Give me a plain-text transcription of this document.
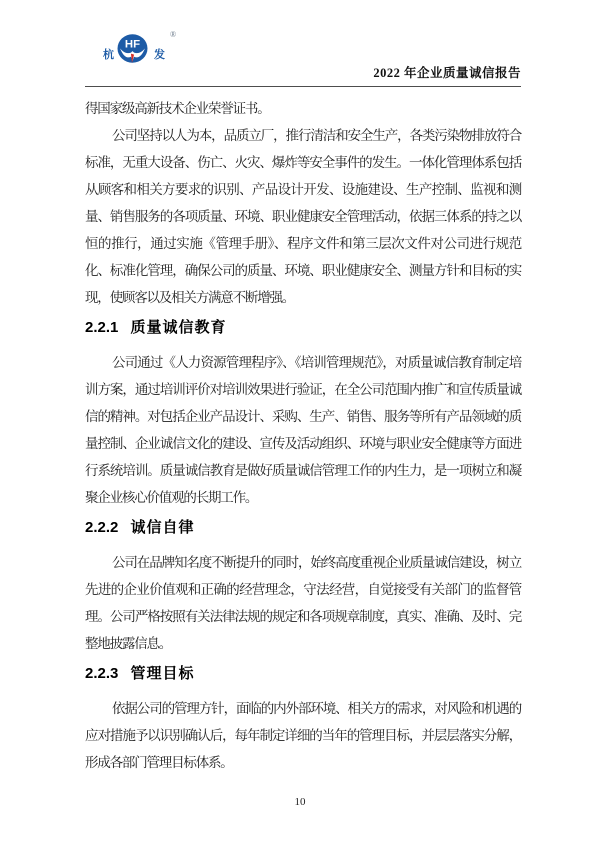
杭
HF
发
®
2022 年企业质量诚信报告

得国家级高新技术企业荣誉证书。

公司坚持以人为本，品质立厂，推行清洁和安全生产，各类污染物排放符合标准，无重大设备、伤亡、火灾、爆炸等安全事件的发生。一体化管理体系包括从顾客和相关方要求的识别、产品设计开发、设施建设、生产控制、监视和测量、销售服务的各项质量、环境、职业健康安全管理活动，依据三体系的持之以恒的推行，通过实施《管理手册》、程序文件和第三层次文件对公司进行规范化、标准化管理，确保公司的质量、环境、职业健康安全、测量方针和目标的实现，使顾客以及相关方满意不断增强。

2.2.1 质量诚信教育

公司通过《人力资源管理程序》、《培训管理规范》，对质量诚信教育制定培训方案，通过培训评价对培训效果进行验证，在全公司范围内推广和宣传质量诚信的精神。对包括企业产品设计、采购、生产、销售、服务等所有产品领域的质量控制、企业诚信文化的建设、宣传及活动组织、环境与职业安全健康等方面进行系统培训。质量诚信教育是做好质量诚信管理工作的内生力，是一项树立和凝聚企业核心价值观的长期工作。

2.2.2 诚信自律

公司在品牌知名度不断提升的同时，始终高度重视企业质量诚信建设，树立先进的企业价值观和正确的经营理念，守法经营，自觉接受有关部门的监督管理。公司严格按照有关法律法规的规定和各项规章制度，真实、准确、及时、完整地披露信息。

2.2.3 管理目标

依据公司的管理方针，面临的内外部环境、相关方的需求，对风险和机遇的应对措施予以识别确认后，每年制定详细的当年的管理目标，并层层落实分解，形成各部门管理目标体系。

10
